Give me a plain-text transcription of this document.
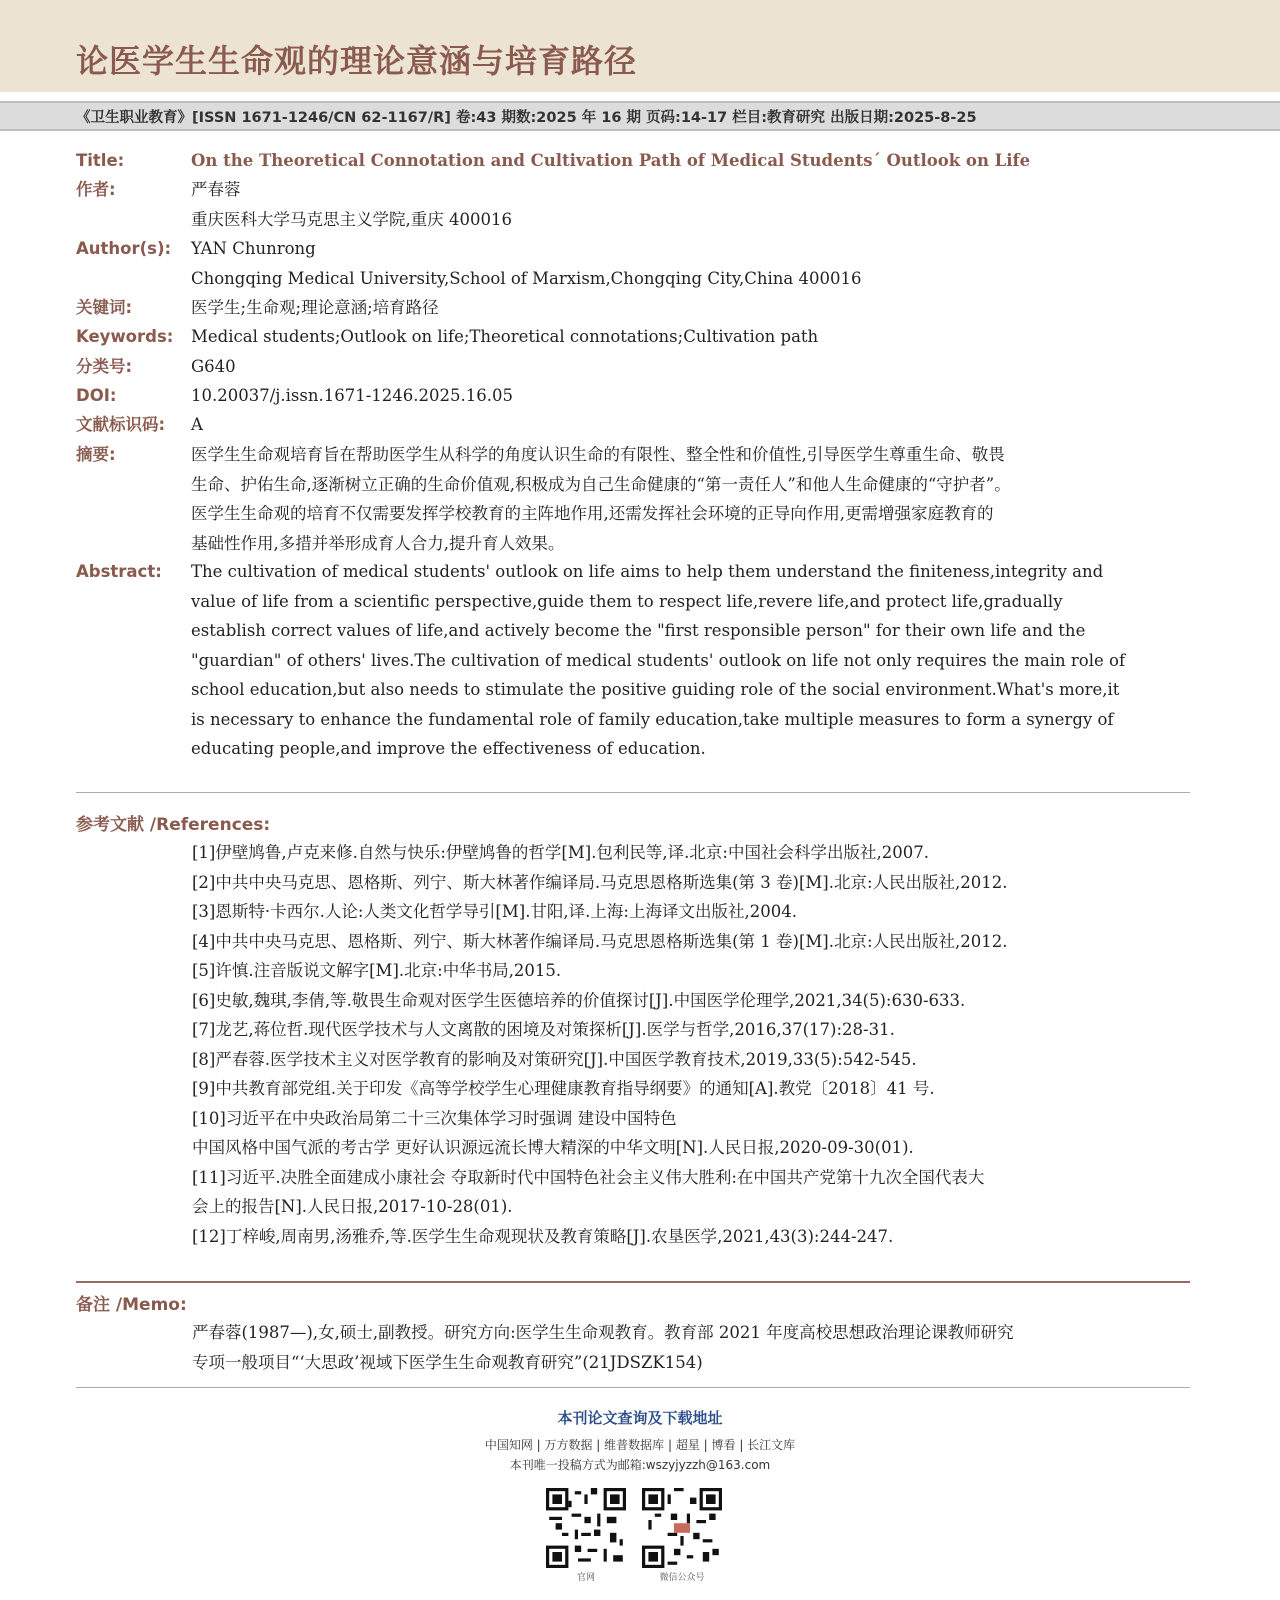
论医学生生命观的理论意涵与培育路径
《卫生职业教育》[ISSN 1671-1246/CN 62-1167/R] 卷:43 期数:2025 年 16 期 页码:14-17 栏目:教育研究 出版日期:2025-8-25
Title:	On the Theoretical Connotation and Cultivation Path of Medical Students´ Outlook on Life
作者:	严春蓉
重庆医科大学马克思主义学院,重庆 400016
Author(s):	YAN Chunrong
Chongqing Medical University,School of Marxism,Chongqing City,China 400016
关键词:	医学生;生命观;理论意涵;培育路径
Keywords:	Medical students;Outlook on life;Theoretical connotations;Cultivation path
分类号:	G640
DOI:	10.20037/j.issn.1671-1246.2025.16.05
文献标识码:	A
摘要:	医学生生命观培育旨在帮助医学生从科学的角度认识生命的有限性、整全性和价值性,引导医学生尊重生命、敬畏
生命、护佑生命,逐渐树立正确的生命价值观,积极成为自己生命健康的“第一责任人”和他人生命健康的“守护者”。
医学生生命观的培育不仅需要发挥学校教育的主阵地作用,还需发挥社会环境的正导向作用,更需增强家庭教育的
基础性作用,多措并举形成育人合力,提升育人效果。
Abstract:	The cultivation of medical students' outlook on life aims to help them understand the finiteness,integrity and
value of life from a scientific perspective,guide them to respect life,revere life,and protect life,gradually
establish correct values of life,and actively become the "first responsible person" for their own life and the
"guardian" of others' lives.The cultivation of medical students' outlook on life not only requires the main role of
school education,but also needs to stimulate the positive guiding role of the social environment.What's more,it
is necessary to enhance the fundamental role of family education,take multiple measures to form a synergy of
educating people,and improve the effectiveness of education.
参考文献 /References:
[1]伊壁鸠鲁,卢克来修.自然与快乐:伊壁鸠鲁的哲学[M].包利民等,译.北京:中国社会科学出版社,2007.
[2]中共中央马克思、恩格斯、列宁、斯大林著作编译局.马克思恩格斯选集(第 3 卷)[M].北京:人民出版社,2012.
[3]恩斯特·卡西尔.人论:人类文化哲学导引[M].甘阳,译.上海:上海译文出版社,2004.
[4]中共中央马克思、恩格斯、列宁、斯大林著作编译局.马克思恩格斯选集(第 1 卷)[M].北京:人民出版社,2012.
[5]许慎.注音版说文解字[M].北京:中华书局,2015.
[6]史敏,魏琪,李倩,等.敬畏生命观对医学生医德培养的价值探讨[J].中国医学伦理学,2021,34(5):630-633.
[7]龙艺,蒋位哲.现代医学技术与人文离散的困境及对策探析[J].医学与哲学,2016,37(17):28-31.
[8]严春蓉.医学技术主义对医学教育的影响及对策研究[J].中国医学教育技术,2019,33(5):542-545.
[9]中共教育部党组.关于印发《高等学校学生心理健康教育指导纲要》的通知[A].教党〔2018〕41 号.
[10]习近平在中央政治局第二十三次集体学习时强调 建设中国特色
中国风格中国气派的考古学 更好认识源远流长博大精深的中华文明[N].人民日报,2020-09-30(01).
[11]习近平.决胜全面建成小康社会 夺取新时代中国特色社会主义伟大胜利:在中国共产党第十九次全国代表大
会上的报告[N].人民日报,2017-10-28(01).
[12]丁梓峻,周南男,汤雅乔,等.医学生生命观现状及教育策略[J].农垦医学,2021,43(3):244-247.
备注 /Memo:
严春蓉(1987—),女,硕士,副教授。研究方向:医学生生命观教育。教育部 2021 年度高校思想政治理论课教师研究
专项一般项目“‘大思政’视域下医学生生命观教育研究”(21JDSZK154)
本刊论文查询及下载地址
中国知网 | 万方数据 | 维普数据库 | 超星 | 博看 | 长江文库
本刊唯一投稿方式为邮箱:wszyjyzzh@163.com
官网	微信公众号
